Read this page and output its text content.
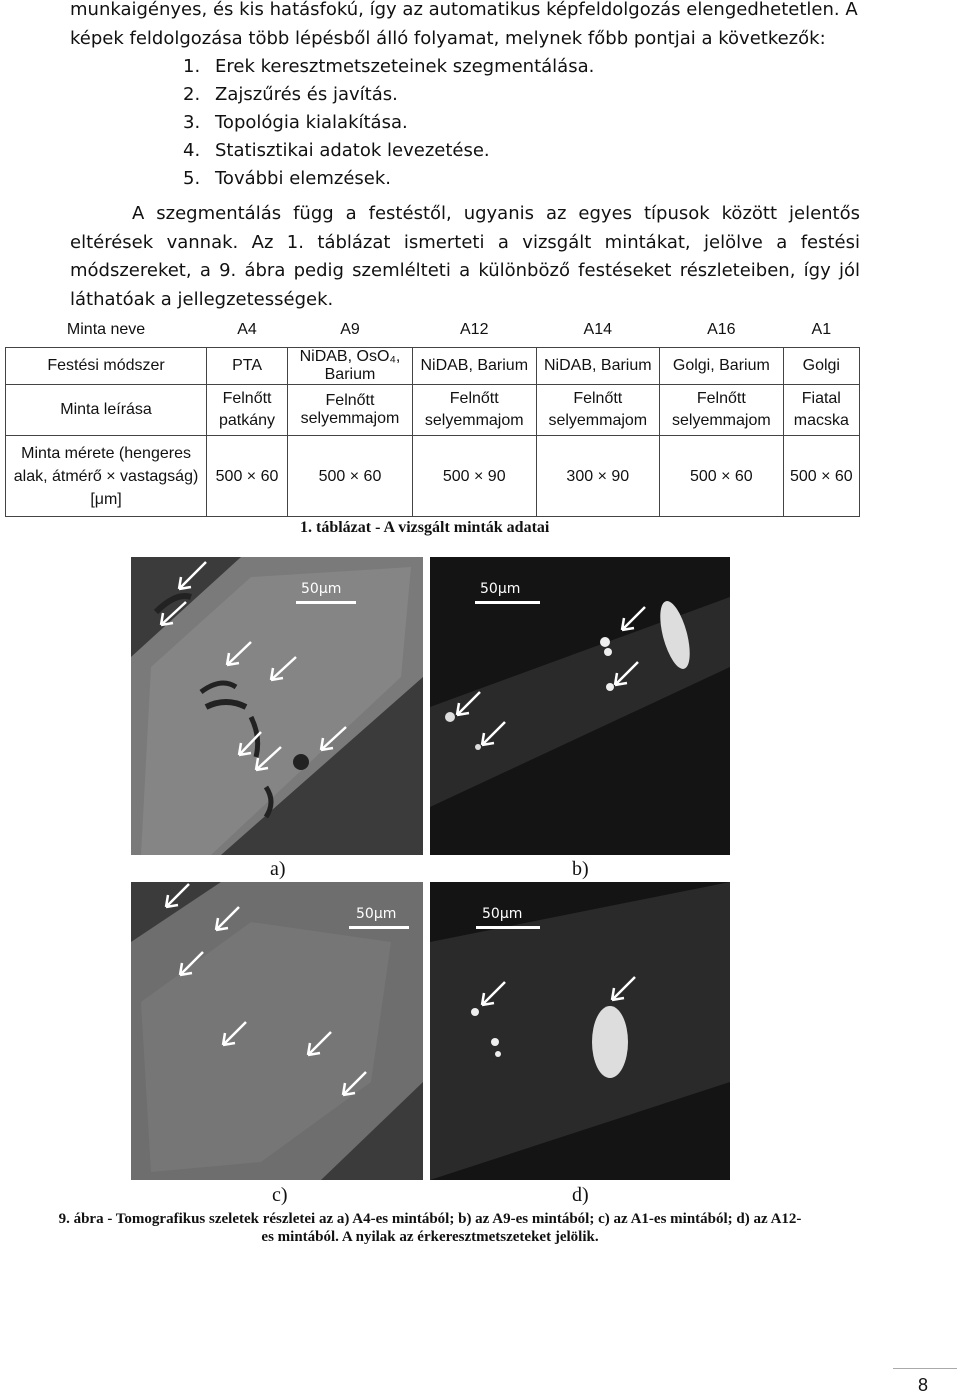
munkaigényes, és kis hatásfokú, így az automatikus képfeldolgozás elengedhetetlen. A képek feldolgozása több lépésből álló folyamat, melynek főbb pontjai a következők:
1. Erek keresztmetszeteinek szegmentálása.
2. Zajszűrés és javítás.
3. Topológia kialakítása.
4. Statisztikai adatok levezetése.
5. További elemzések.
A szegmentálás függ a festéstől, ugyanis az egyes típusok között jelentős eltérések vannak. Az 1. táblázat ismerteti a vizsgált mintákat, jelölve a festési módszereket, a 9. ábra pedig szemlélteti a különböző festéseket részleteiben, így jól láthatóak a jellegzetességek.
Minta neve	A4	A9	A12	A14	A16	A1
Festési módszer	PTA	NiDAB, OsO₄, Barium	NiDAB, Barium	NiDAB, Barium	Golgi, Barium	Golgi
Minta leírása	Felnőtt patkány	Felnőtt selyemmajom	Felnőtt selyemmajom	Felnőtt selyemmajom	Felnőtt selyemmajom	Fiatal macska
Minta mérete (hengeres alak, átmérő × vastagság) [μm]	500 × 60	500 × 60	500 × 90	300 × 90	500 × 60	500 × 60
1. táblázat - A vizsgált minták adatai
50μm	50μm
50μm	50μm
a)	b)
c)	d)
9. ábra - Tomografikus szeletek részletei az a) A4-es mintából; b) az A9-es mintából; c) az A1-es mintából; d) az A12-
es mintából. A nyilak az érkeresztmetszeteket jelölik.
8
